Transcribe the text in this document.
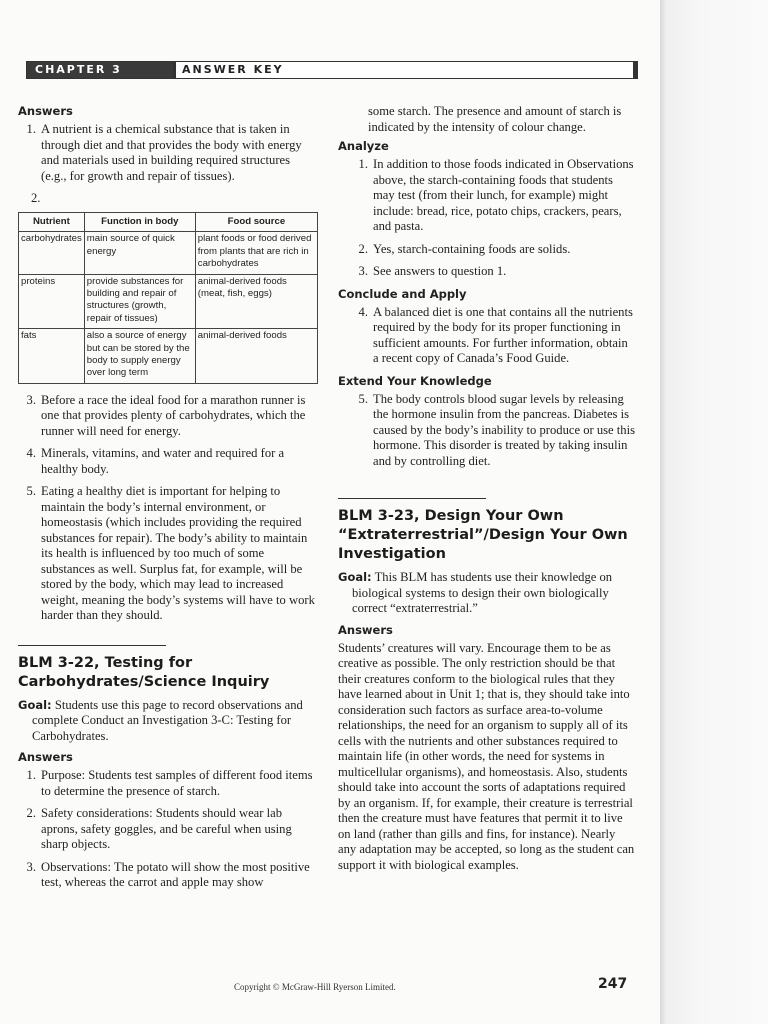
CHAPTER 3	ANSWER KEY
Answers
1. A nutrient is a chemical substance that is taken in through diet and that provides the body with energy and materials used in building required structures (e.g., for growth and repair of tissues).
2.
Nutrient	Function in body	Food source
carbohydrates	main source of quick energy	plant foods or food derived from plants that are rich in carbohydrates
proteins	provide substances for building and repair of structures (growth, repair of tissues)	animal-derived foods (meat, fish, eggs)
fats	also a source of energy but can be stored by the body to supply energy over long term	animal-derived foods
3. Before a race the ideal food for a marathon runner is one that provides plenty of carbohydrates, which the runner will need for energy.
4. Minerals, vitamins, and water and required for a healthy body.
5. Eating a healthy diet is important for helping to maintain the body’s internal environment, or homeostasis (which includes providing the required substances for repair). The body’s ability to maintain its health is influenced by too much of some substances as well. Surplus fat, for example, will be stored by the body, which may lead to increased weight, meaning the body’s systems will have to work harder than they should.
BLM 3-22, Testing for Carbohydrates/Science Inquiry

Goal: Students use this page to record observations and complete Conduct an Investigation 3-C: Testing for Carbohydrates.

Answers
1. Purpose: Students test samples of different food items to determine the presence of starch.
2. Safety considerations: Students should wear lab aprons, safety goggles, and be careful when using sharp objects.
3. Observations: The potato will show the most positive test, whereas the carrot and apple may show
some starch. The presence and amount of starch is indicated by the intensity of colour change.
Analyze
1. In addition to those foods indicated in Observations above, the starch-containing foods that students may test (from their lunch, for example) might include: bread, rice, potato chips, crackers, pears, and pasta.
2. Yes, starch-containing foods are solids.
3. See answers to question 1.
Conclude and Apply
4. A balanced diet is one that contains all the nutrients required by the body for its proper functioning in sufficient amounts. For further information, obtain a recent copy of Canada’s Food Guide.
Extend Your Knowledge
5. The body controls blood sugar levels by releasing the hormone insulin from the pancreas. Diabetes is caused by the body’s inability to produce or use this hormone. This disorder is treated by taking insulin and by controlling diet.
BLM 3-23, Design Your Own “Extraterrestrial”/Design Your Own Investigation

Goal: This BLM has students use their knowledge on biological systems to design their own biologically correct “extraterrestrial.”

Answers

Students’ creatures will vary. Encourage them to be as creative as possible. The only restriction should be that their creatures conform to the biological rules that they have learned about in Unit 1; that is, they should take into consideration such factors as surface area-to-volume relationships, the need for an organism to supply all of its cells with the nutrients and other substances required to maintain life (in other words, the need for systems in multicellular organisms), and homeostasis. Also, students should take into account the sorts of adaptations required by an organism. If, for example, their creature is terrestrial then the creature must have features that permit it to live on land (rather than gills and fins, for instance). Nearly any adaptation may be accepted, so long as the student can support it with biological examples.

Copyright © McGraw-Hill Ryerson Limited.	247
